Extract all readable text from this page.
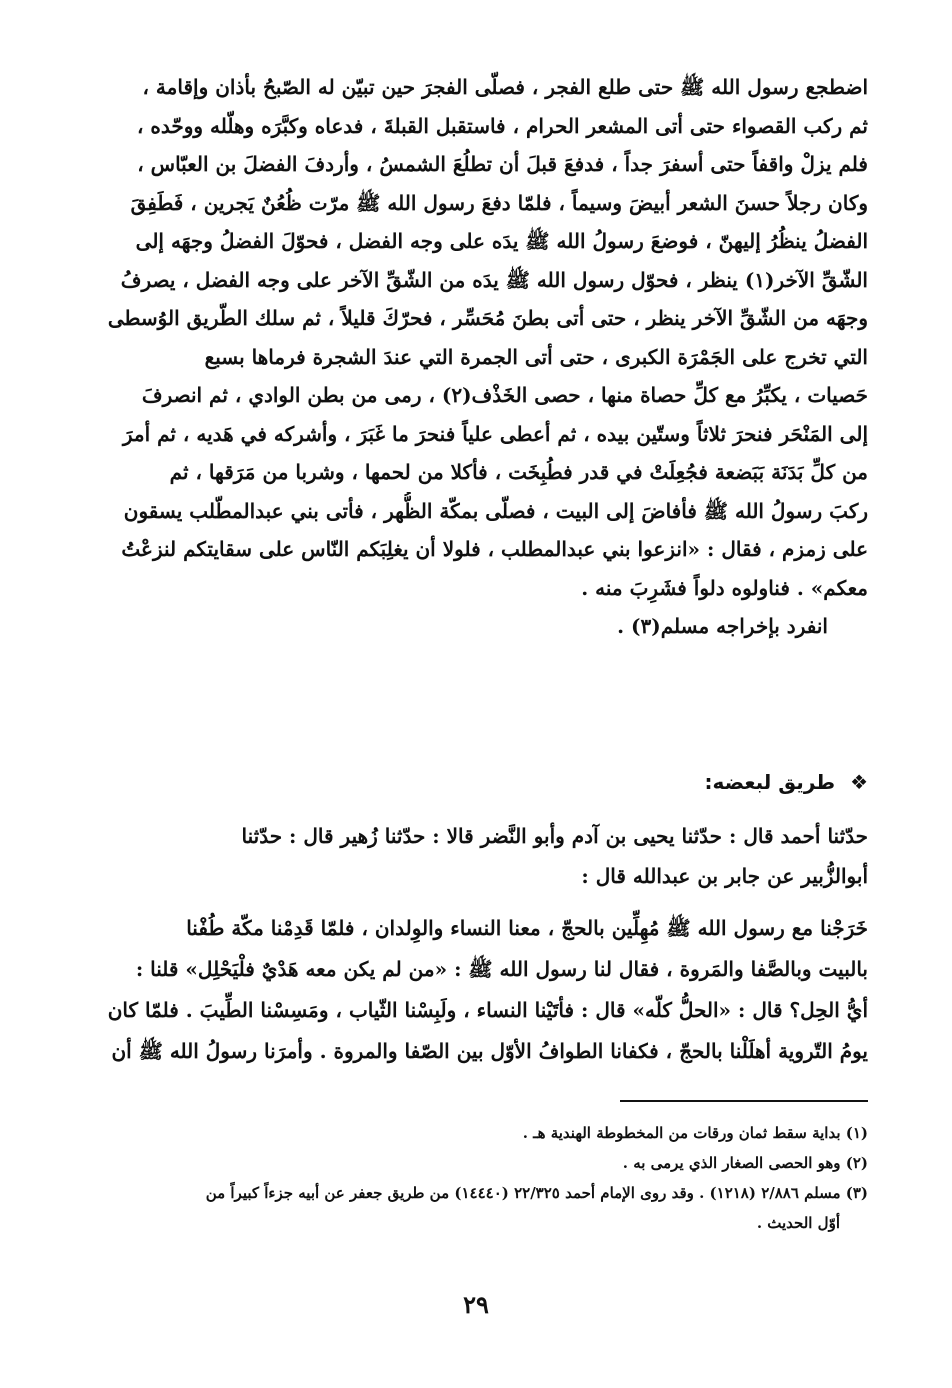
اضطجع رسول الله ﷺ حتى طلع الفجر ، فصلّى الفجرَ حين تبيّن له الصّبحُ بأذان وإقامة ،
ثم ركب القصواء حتى أتى المشعر الحرام ، فاستقبل القبلةَ ، فدعاه وكبَّرَه وهلّله ووحّده ،
فلم يزلْ واقفاً حتى أسفرَ جداً ، فدفعَ قبلَ أن تطلُعَ الشمسُ ، وأردفَ الفضلَ بن العبّاس ،
وكان رجلاً حسنَ الشعر أبيضَ وسيماً ، فلمّا دفعَ رسول الله ﷺ مرّت ظُعُنٌ يَجرين ، فَطَفِقَ
الفضلُ ينظُرُ إليهنّ ، فوضعَ رسولُ الله ﷺ يدَه على وجه الفضل ، فحوّلَ الفضلُ وجهَه إلى
الشّقِّ الآخر(١) ينظر ، فحوّل رسول الله ﷺ يدَه من الشّقِّ الآخر على وجه الفضل ، يصرفُ
وجهَه من الشّقِّ الآخر ينظر ، حتى أتى بطنَ مُحَسِّر ، فحرّكَ قليلاً ، ثم سلك الطّريق الوُسطى
التي تخرج على الجَمْرَة الكبرى ، حتى أتى الجمرة التي عندَ الشجرة فرماها بسبع
حَصيات ، يكبِّرُ مع كلِّ حصاة منها ، حصى الخَذْف(٢) ، رمى من بطن الوادي ، ثم انصرفَ
إلى المَنْحَر فنحرَ ثلاثاً وستّين بيده ، ثم أعطى علياً فنحرَ ما غَبَرَ ، وأشركه في هَديه ، ثم أمرَ
من كلِّ بَدَنَة بَبَضعة فجُعِلَتْ في قدر فطُبِخَت ، فأكلا من لحمها ، وشربا من مَرَقها ، ثم
ركبَ رسولُ الله ﷺ فأفاضَ إلى البيت ، فصلّى بمكّة الظُّهر ، فأتى بني عبدالمطّلب يسقون
على زمزم ، فقال : «انزعوا بني عبدالمطلب ، فلولا أن يغلِبَكم النّاس على سقايتكم لنزعْتُ
معكم» . فناولوه دلواً فشَرِبَ منه .
انفرد بإخراجه مسلم(٣) .
❖ طريق لبعضه:
حدّثنا أحمد قال : حدّثنا يحيى بن آدم وأبو النَّضر قالا : حدّثنا زُهير قال : حدّثنا
أبوالزُّبير عن جابر بن عبدالله قال :
خَرَجْنا مع رسول الله ﷺ مُهِلِّين بالحجّ ، معنا النساء والوِلدان ، فلمّا قَدِمْنا مكّة طُفْنا
بالبيت وبالصَّفا والمَروة ، فقال لنا رسول الله ﷺ : «من لم يكن معه هَدْيٌ فلْيَحْلِل» قلنا :
أيُّ الحِل؟ قال : «الحلُّ كلّه» قال : فأتَيْنا النساء ، ولَبِسْنا الثّياب ، ومَسِسْنا الطِّيبَ . فلمّا كان
يومُ التّروية أهلَلْنا بالحجّ ، فكفانا الطوافُ الأوّل بين الصّفا والمروة . وأمرَنا رسولُ الله ﷺ أن
(١) بداية سقط ثمان ورقات من المخطوطة الهندية هـ .
(٢) وهو الحصى الصغار الذي يرمى به .
(٣) مسلم ٢/٨٨٦ (١٢١٨) . وقد روى الإمام أحمد ٢٢/٣٢٥ (١٤٤٤٠) من طريق جعفر عن أبيه جزءاً كبيراً من
أوّل الحديث .
٢٩
